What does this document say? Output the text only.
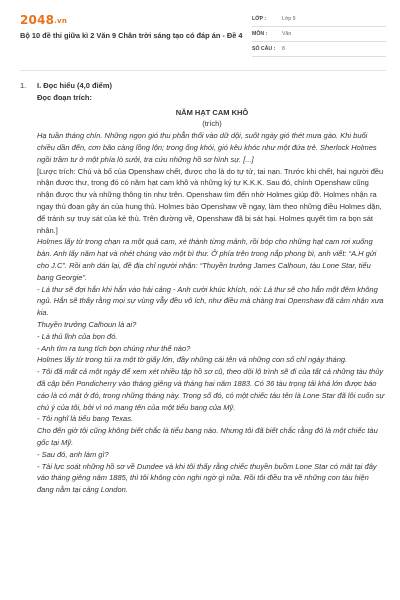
2048.vn
Bộ 10 đề thi giữa kì 2 Văn 9 Chân trời sáng tạo có đáp án - Đề 4
LỚP :	Lớp 9
MÔN :	Văn
SỐ CÂU :	8
1. I. Đọc hiểu (4,0 điểm)

Đọc đoạn trích:

NĂM HẠT CAM KHÔ

(trích)

Hạ tuần tháng chín. Những ngọn gió thu phẫn thổi vào dữ dội, suốt ngày gió thét mưa gào. Khi buổi chiều dần đến, cơn bão càng lồng lộn; trong ống khói, gió kêu khóc như một đứa trẻ. Sherlock Holmes ngồi trầm tư ở một phía lò sưởi, tra cứu những hồ sơ hình sự. [...]

[Lược trích: Chú và bố của Openshaw chết, được cho là do tự tử, tai nạn. Trước khi chết, hai người đều nhận được thư, trong đó có năm hạt cam khô và những ký tự K.K.K. Sau đó, chính Openshaw cũng nhận được thư và những thông tin như trên. Openshaw tìm đến nhờ Holmes giúp đỡ. Holmes nhận ra ngay thủ đoạn gây án của hung thủ. Holmes bảo Openshaw về ngay, làm theo những điều Holmes dặn, để tránh sự truy sát của kẻ thù. Trên đường về, Openshaw đã bị sát hại. Holmes quyết tìm ra bọn sát nhân.]

Holmes lấy từ trong chạn ra một quả cam, xé thành từng mảnh, rồi bóp cho những hạt cam rơi xuống bàn. Anh lấy năm hạt và nhét chúng vào một bì thư. Ở phía trên trong nắp phong bì, anh viết: “A.H gửi cho J.C”. Rồi anh dán lại, đề địa chỉ người nhận: “Thuyền trưởng James Calhoun, tàu Lone Star, tiểu bang Georgie”.

- Lá thư sẽ đợi hắn khi hắn vào hải cảng - Anh cười khúc khích, nói: Lá thư sẽ cho hắn một đêm không ngủ. Hắn sẽ thấy rằng mọi sự vùng vẫy đều vô ích, như điều mà chàng trai Openshaw đã cảm nhận xưa kia.

Thuyền trưởng Calhoun là ai?

- Là thủ lĩnh của bọn đó.

- Anh tìm ra tung tích bọn chúng như thế nào?

Holmes lấy từ trong túi ra một tờ giấy lớn, đầy những cái tên và những con số chỉ ngày tháng.

- Tôi đã mất cả một ngày để xem xét nhiều tập hồ sơ cũ, theo dõi lộ trình sẽ đi của tất cả những tàu thủy đã cập bến Pondicherry vào tháng giêng và tháng hai năm 1883. Có 36 tàu trọng tải khá lớn được báo cáo là có mặt ở đó, trong những tháng này. Trong số đó, có một chiếc tàu tên là Lone Star đã lôi cuốn sự chú ý của tôi, bởi vì nó mang tên của một tiểu bang của Mỹ.

- Tôi nghĩ là tiểu bang Texas.

Cho đến giờ tôi cũng không biết chắc là tiểu bang nào. Nhưng tôi đã biết chắc rằng đó là một chiếc tàu gốc tại Mỹ.

- Sau đó, anh làm gì?

- Tài lực soát những hồ sơ về Dundee và khi tôi thấy rằng chiếc thuyền buồm Lone Star có mặt tại đây vào tháng giêng năm 1885, thì tôi không còn nghi ngờ gì nữa. Rồi tôi điều tra về những con tàu hiện đang nằm tại cảng London.
